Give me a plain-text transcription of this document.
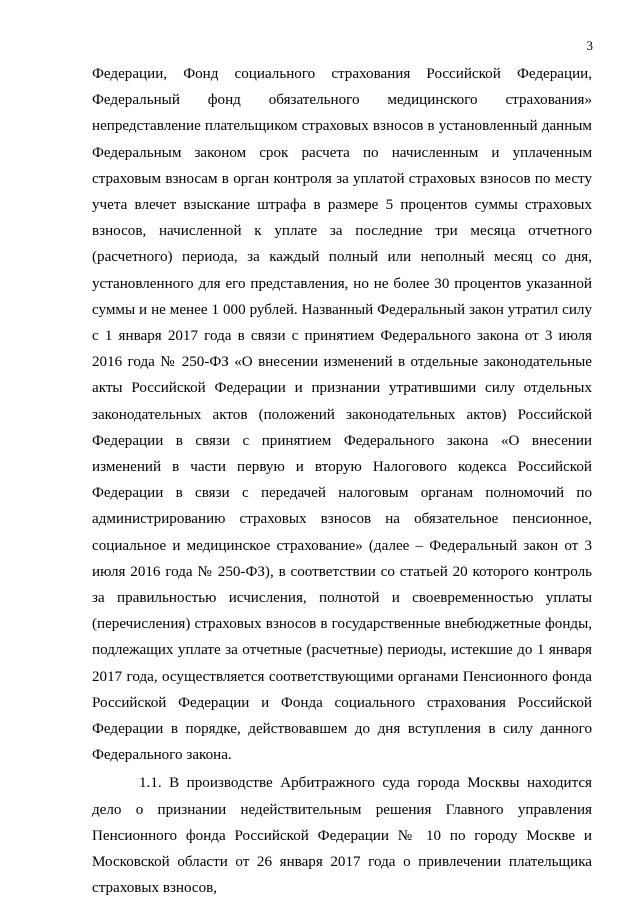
3

Федерации, Фонд социального страхования Российской Федерации, Федеральный фонд обязательного медицинского страхования» непредставление плательщиком страховых взносов в установленный данным Федеральным законом срок расчета по начисленным и уплаченным страховым взносам в орган контроля за уплатой страховых взносов по месту учета влечет взыскание штрафа в размере 5 процентов суммы страховых взносов, начисленной к уплате за последние три месяца отчетного (расчетного) периода, за каждый полный или неполный месяц со дня, установленного для его представления, но не более 30 процентов указанной суммы и не менее 1 000 рублей. Названный Федеральный закон утратил силу с 1 января 2017 года в связи с принятием Федерального закона от 3 июля 2016 года № 250-ФЗ «О внесении изменений в отдельные законодательные акты Российской Федерации и признании утратившими силу отдельных законодательных актов (положений законодательных актов) Российской Федерации в связи с принятием Федерального закона «О внесении изменений в части первую и вторую Налогового кодекса Российской Федерации в связи с передачей налоговым органам полномочий по администрированию страховых взносов на обязательное пенсионное, социальное и медицинское страхование» (далее – Федеральный закон от 3 июля 2016 года № 250-ФЗ), в соответствии со статьей 20 которого контроль за правильностью исчисления, полнотой и своевременностью уплаты (перечисления) страховых взносов в государственные внебюджетные фонды, подлежащих уплате за отчетные (расчетные) периоды, истекшие до 1 января 2017 года, осуществляется соответствующими органами Пенсионного фонда Российской Федерации и Фонда социального страхования Российской Федерации в порядке, действовавшем до дня вступления в силу данного Федерального закона.

1.1. В производстве Арбитражного суда города Москвы находится дело о признании недействительным решения Главного управления Пенсионного фонда Российской Федерации № 10 по городу Москве и Московской области от 26 января 2017 года о привлечении плательщика страховых взносов,
